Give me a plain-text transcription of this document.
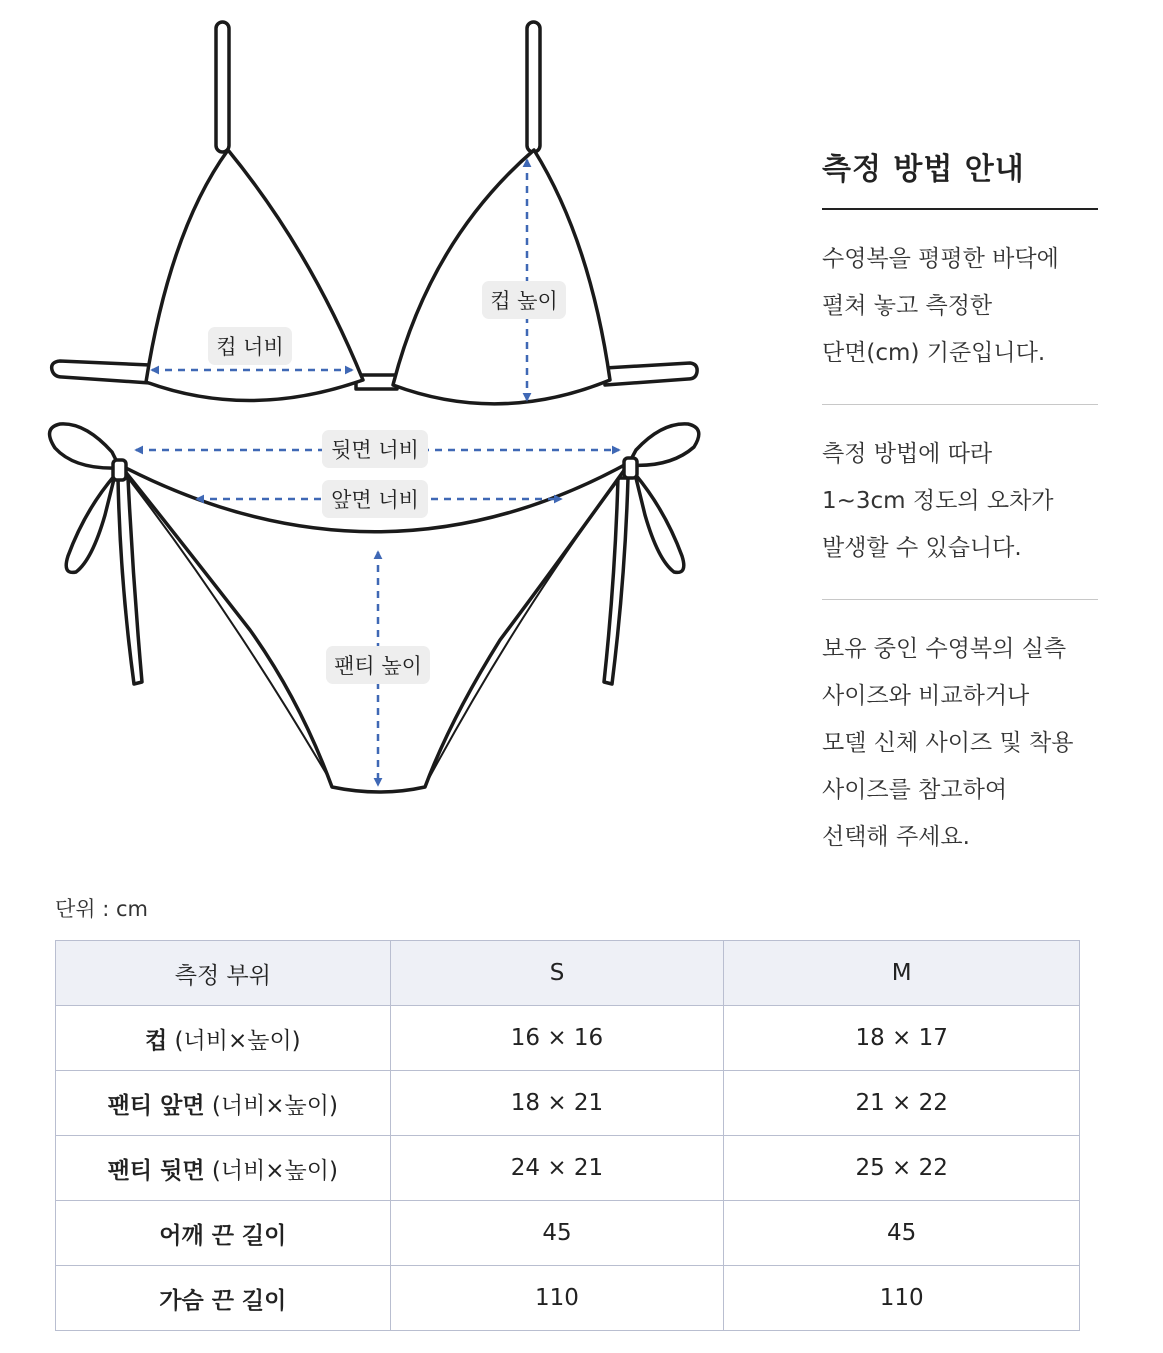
컵 너비
컵 높이
뒷면 너비
앞면 너비
팬티 높이
측정 방법 안내
수영복을 평평한 바닥에
펼쳐 놓고 측정한
단면(cm) 기준입니다.
측정 방법에 따라
1~3cm 정도의 오차가
발생할 수 있습니다.
보유 중인 수영복의 실측
사이즈와 비교하거나
모델 신체 사이즈 및 착용
사이즈를 참고하여
선택해 주세요.
단위 : cm
측정 부위	S	M
컵 (너비×높이)	16 × 16	18 × 17
팬티 앞면 (너비×높이)	18 × 21	21 × 22
팬티 뒷면 (너비×높이)	24 × 21	25 × 22
어깨 끈 길이	45	45
가슴 끈 길이	110	110
